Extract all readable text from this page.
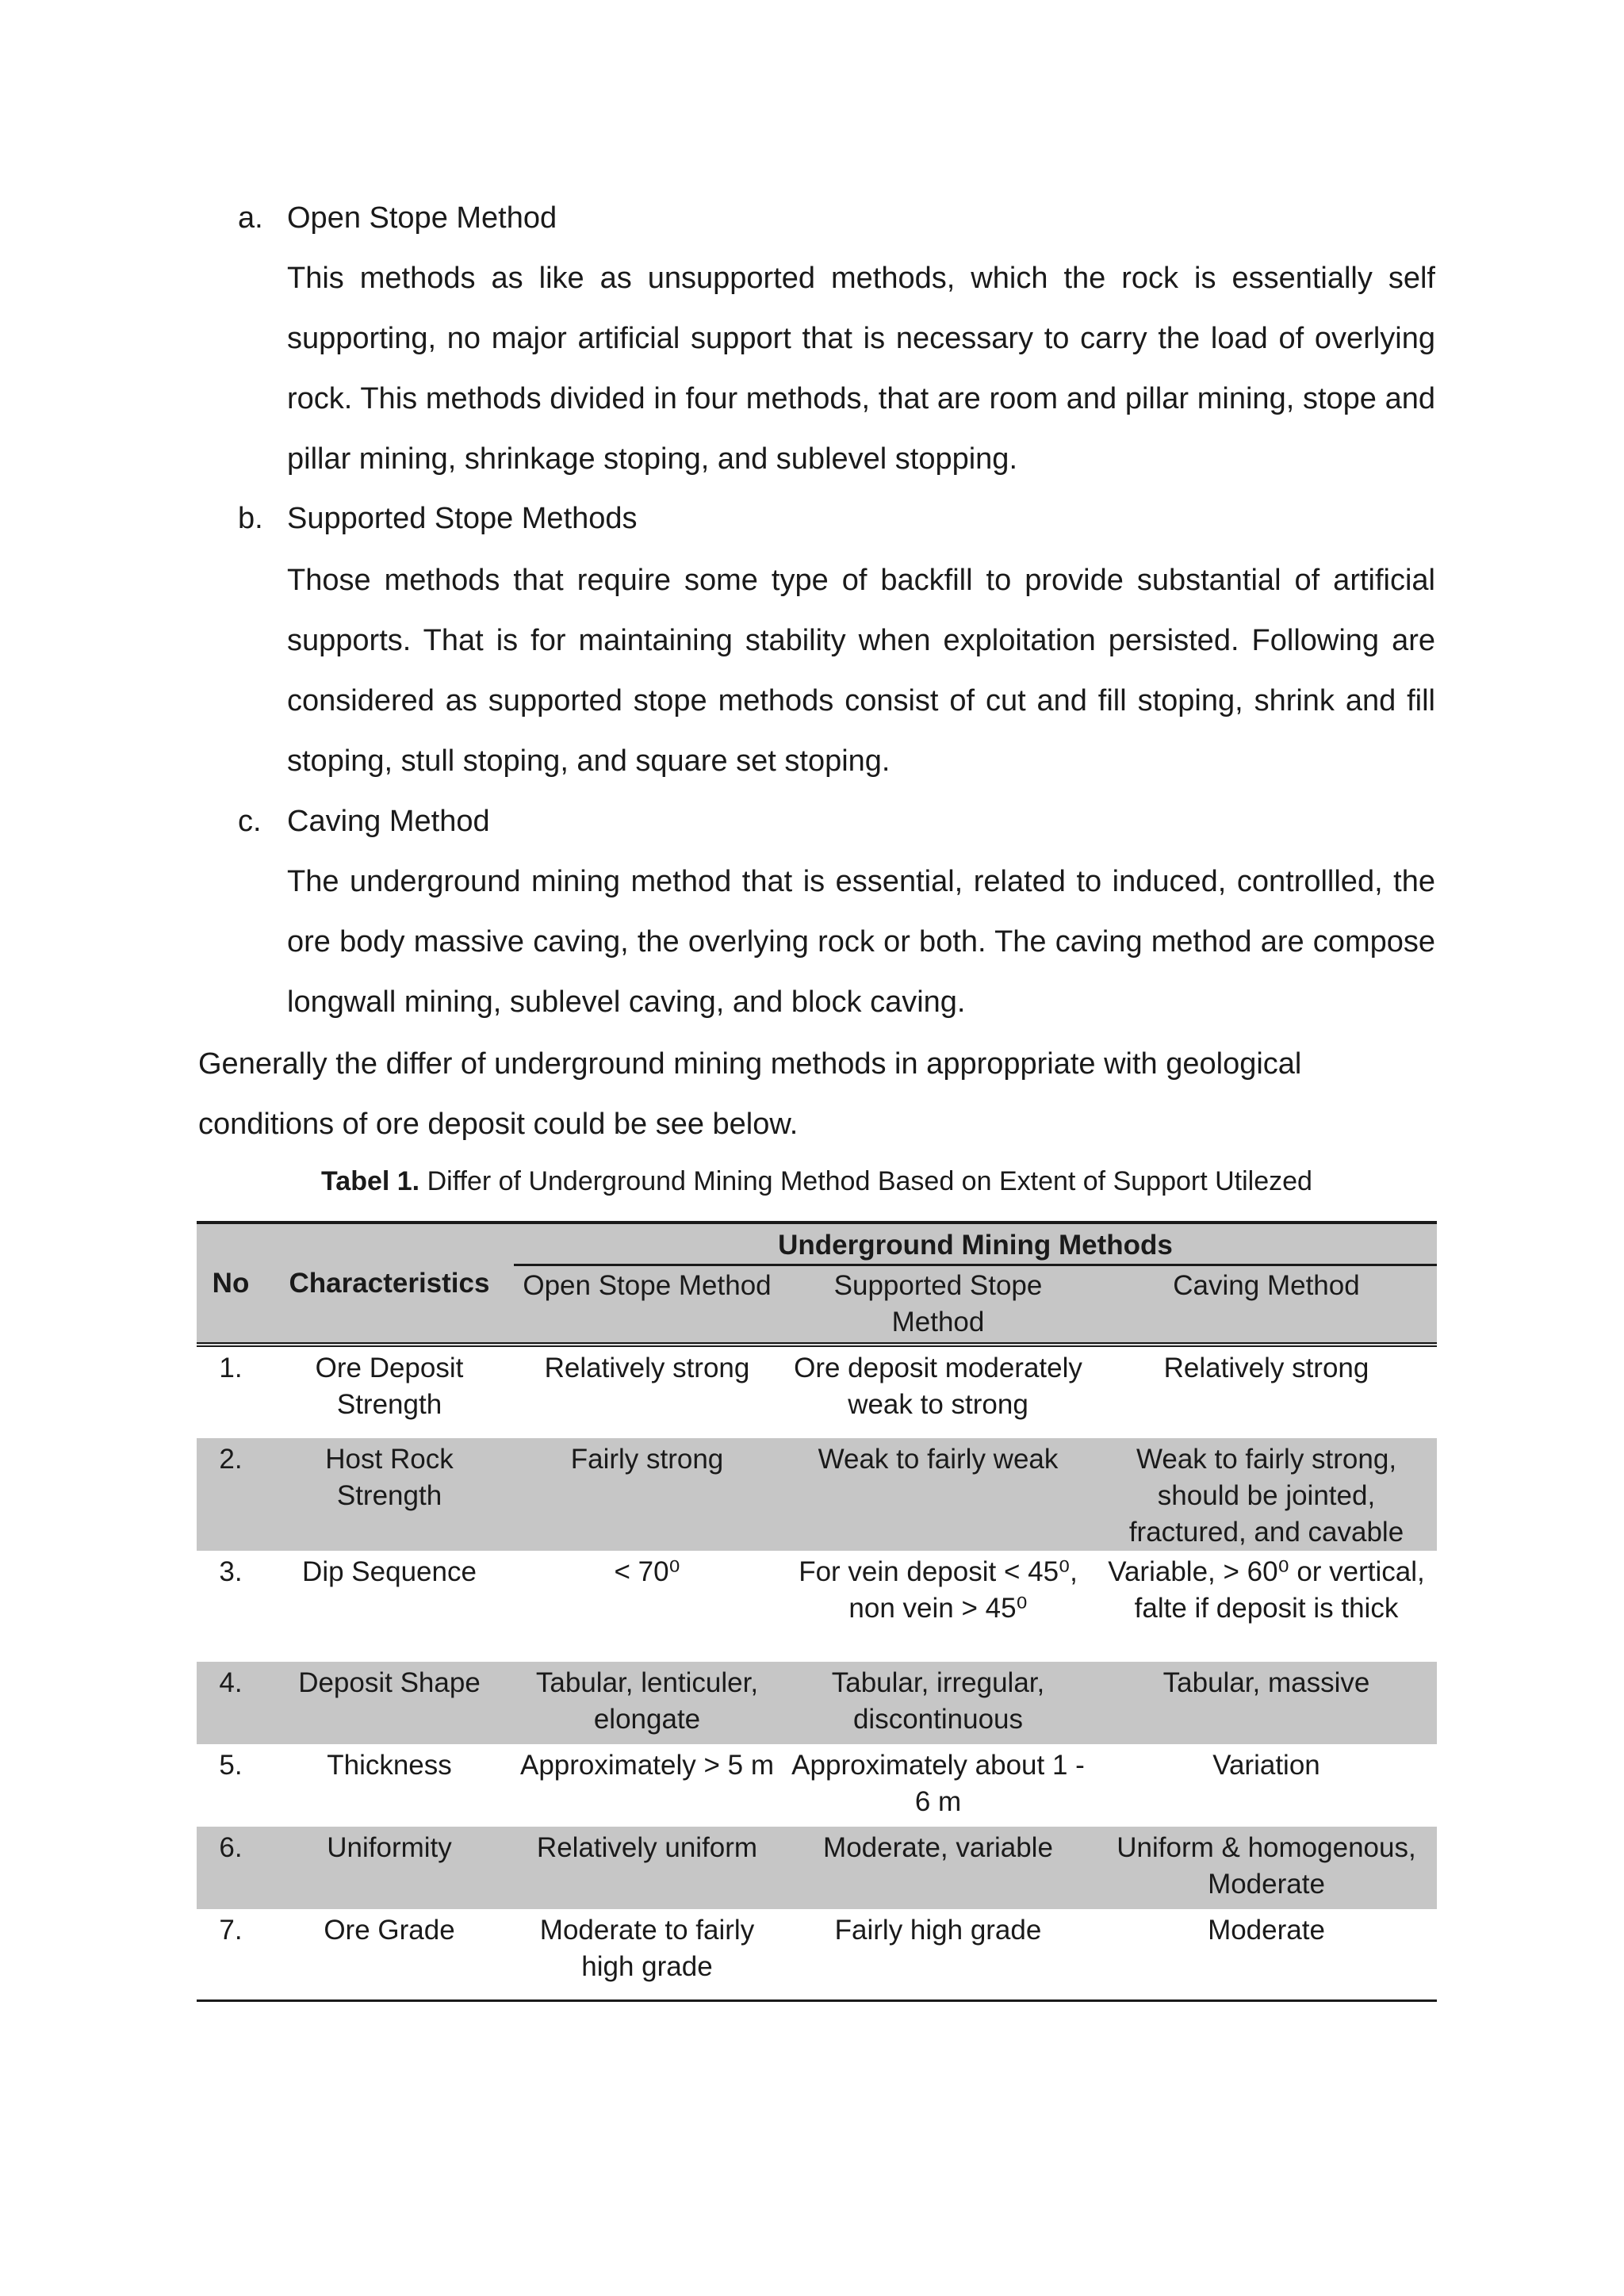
a. Open Stope Method

This methods as like as unsupported methods, which the rock is essentially self supporting, no major artificial support that is necessary to carry the load of overlying rock. This methods divided in four methods, that are room and pillar mining, stope and pillar mining, shrinkage stoping, and sublevel stopping.

b. Supported Stope Methods

Those methods that require some type of backfill to provide substantial of artificial supports. That is for maintaining stability when exploitation persisted. Following are considered as supported stope methods consist of cut and fill stoping, shrink and fill stoping, stull stoping, and square set stoping.

c. Caving Method

The underground mining method that is essential, related to induced, controllled, the ore body massive caving, the overlying rock or both. The caving method are compose longwall mining, sublevel caving, and block caving.

Generally the differ of underground mining methods in approppriate with geological conditions of ore deposit could be see below.

Tabel 1. Differ of Underground Mining Method Based on Extent of Support Utilezed
No	Characteristics	Underground Mining Methods		
		Open Stope Method	Supported Stope Method	Caving Method
1.	Ore Deposit Strength	Relatively strong	Ore deposit moderately weak to strong	Relatively strong
2.	Host Rock Strength	Fairly strong	Weak to fairly weak	Weak to fairly strong, should be jointed, fractured, and cavable
3.	Dip Sequence	< 70⁰	For vein deposit < 45⁰, non vein > 45⁰	Variable, > 60⁰ or vertical, falte if deposit is thick
4.	Deposit Shape	Tabular, lenticuler, elongate	Tabular, irregular, discontinuous	Tabular, massive
5.	Thickness	Approximately > 5 m	Approximately about 1 - 6 m	Variation
6.	Uniformity	Relatively uniform	Moderate, variable	Uniform & homogenous, Moderate
7.	Ore Grade	Moderate to fairly high grade	Fairly high grade	Moderate
